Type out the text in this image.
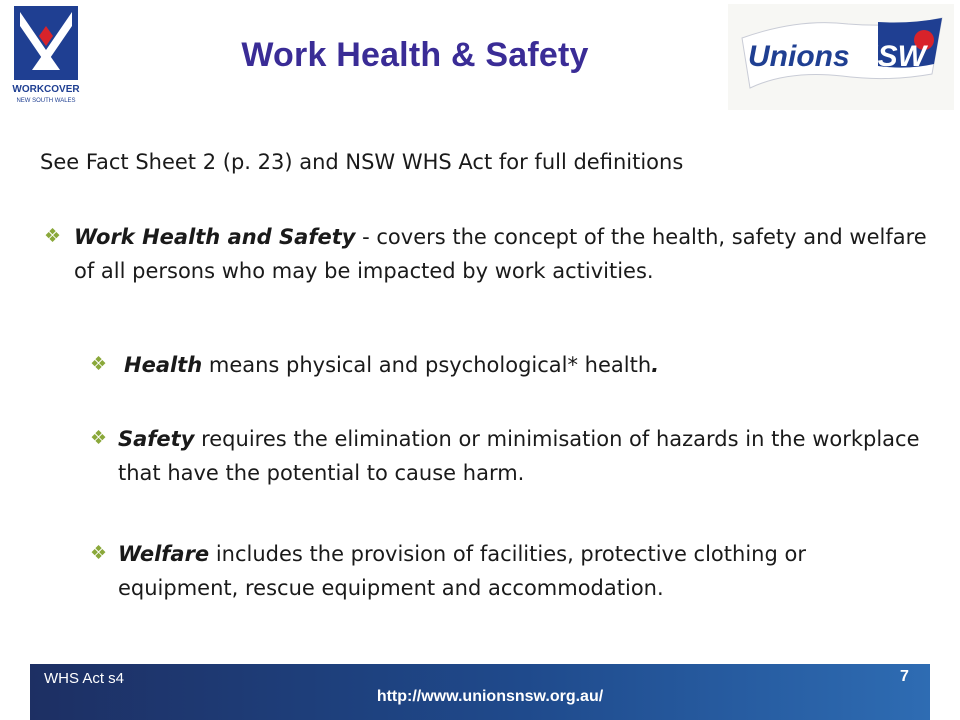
WORKCOVER
NEW SOUTH WALES
Unions NSW
Work Health & Safety
See Fact Sheet 2 (p. 23) and NSW WHS Act for full definitions
❖ Work Health and Safety - covers the concept of the health, safety and welfare of all persons who may be impacted by work activities.
❖ Health means physical and psychological* health.
❖ Safety requires the elimination or minimisation of hazards in the workplace that have the potential to cause harm.
❖ Welfare includes the provision of facilities, protective clothing or equipment, rescue equipment and accommodation.
WHS Act s4	7
http://www.unionsnsw.org.au/
